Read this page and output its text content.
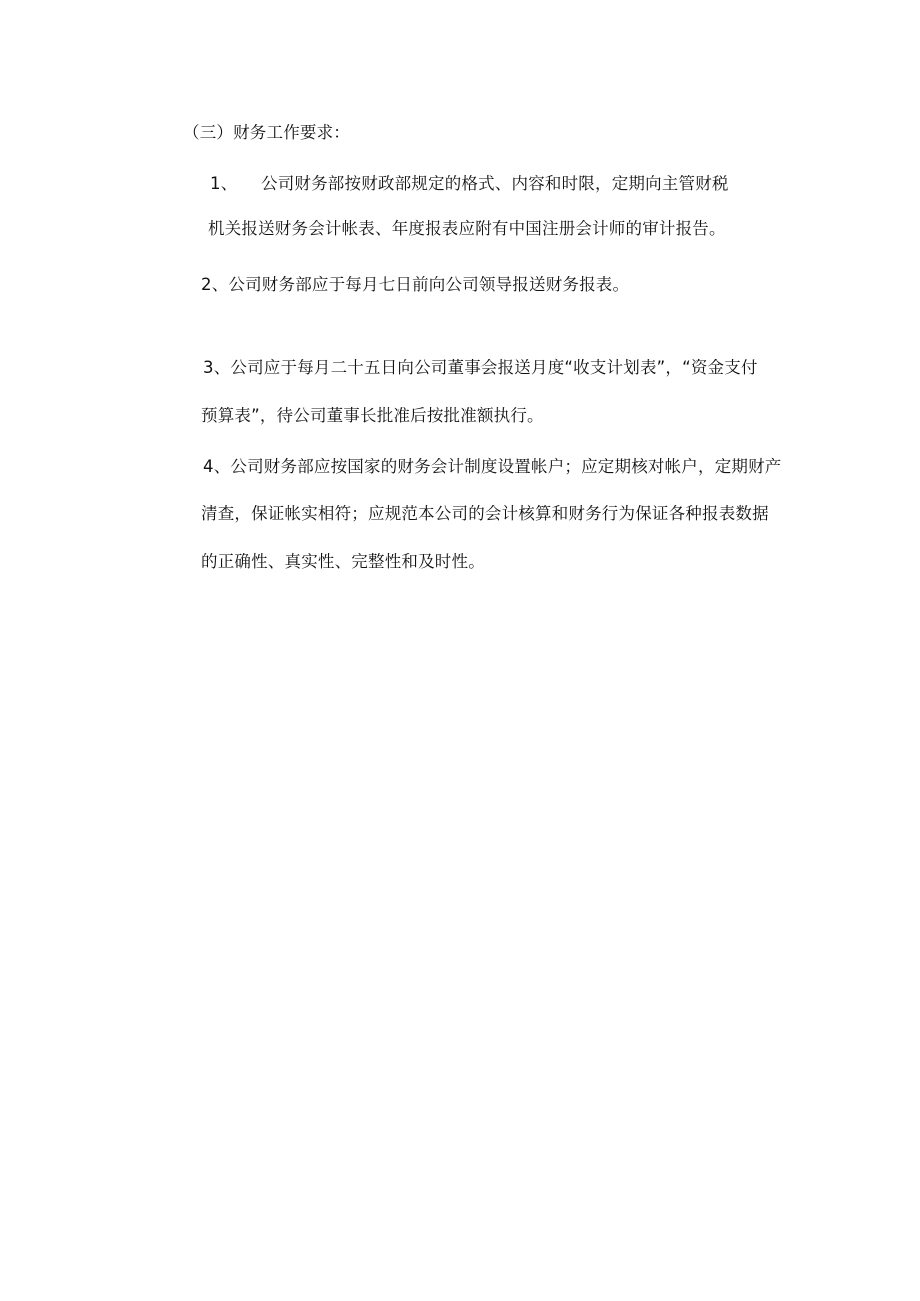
（三）财务工作要求：
1、 公司财务部按财政部规定的格式、内容和时限，定期向主管财税
机关报送财务会计帐表、年度报表应附有中国注册会计师的审计报告。
2、公司财务部应于每月七日前向公司领导报送财务报表。
3、公司应于每月二十五日向公司董事会报送月度“收支计划表”，“资金支付
预算表”，待公司董事长批准后按批准额执行。
4、公司财务部应按国家的财务会计制度设置帐户；应定期核对帐户，定期财产
清查，保证帐实相符；应规范本公司的会计核算和财务行为保证各种报表数据
的正确性、真实性、完整性和及时性。
